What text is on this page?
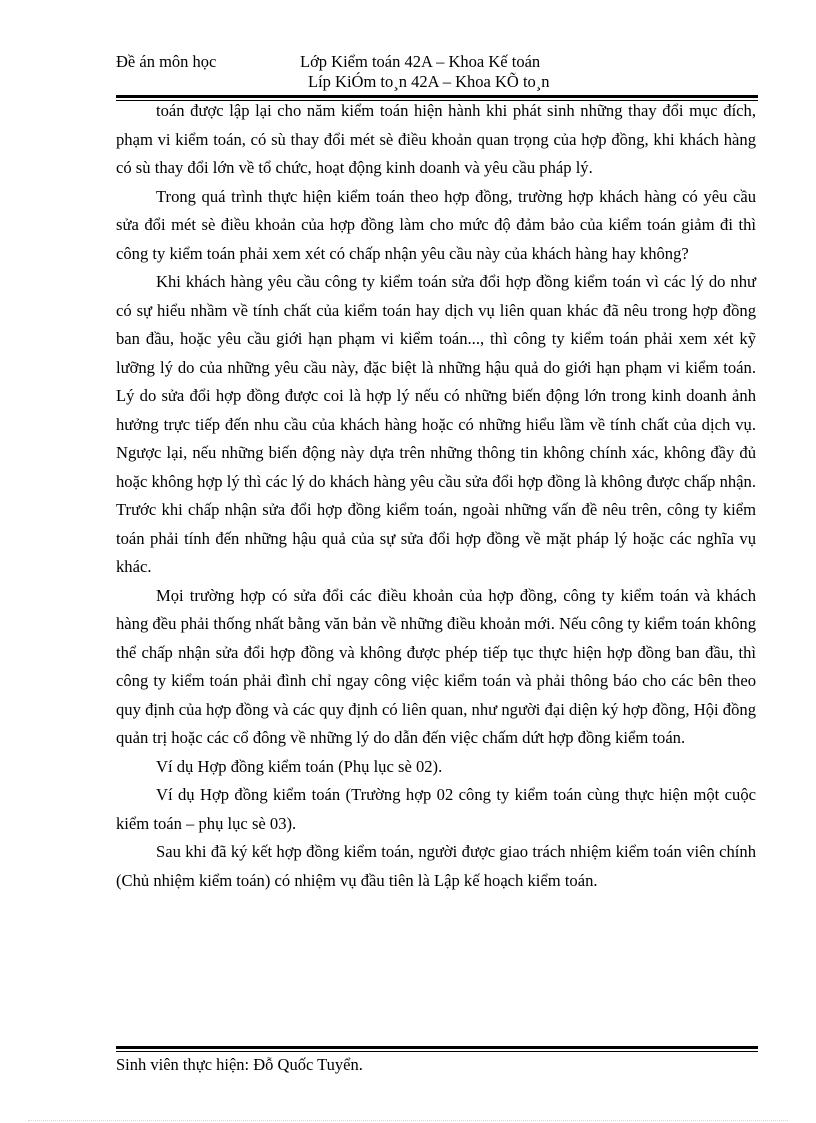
Đề án môn học	Lớp Kiểm toán 42A – Khoa Kế toán
Líp KiÓm to¸n 42A – Khoa KÕ to¸n

toán được lập lại cho năm kiểm toán hiện hành khi phát sinh những thay đổi mục đích, phạm vi kiểm toán, có sù thay đổi mét sè điều khoản quan trọng của hợp đồng, khi khách hàng có sù thay đổi lớn về tổ chức, hoạt động kinh doanh và yêu cầu pháp lý.

Trong quá trình thực hiện kiểm toán theo hợp đồng, trường hợp khách hàng có yêu cầu sửa đổi mét sè điều khoản của hợp đồng làm cho mức độ đảm bảo của kiểm toán giảm đi thì công ty kiểm toán phải xem xét có chấp nhận yêu cầu này của khách hàng hay không?

Khi khách hàng yêu cầu công ty kiểm toán sửa đổi hợp đồng kiểm toán vì các lý do như có sự hiểu nhầm về tính chất của kiểm toán hay dịch vụ liên quan khác đã nêu trong hợp đồng ban đầu, hoặc yêu cầu giới hạn phạm vi kiểm toán..., thì công ty kiểm toán phải xem xét kỹ lưỡng lý do của những yêu cầu này, đặc biệt là những hậu quả do giới hạn phạm vi kiểm toán. Lý do sửa đổi hợp đồng được coi là hợp lý nếu có những biến động lớn trong kinh doanh ảnh hưởng trực tiếp đến nhu cầu của khách hàng hoặc có những hiểu lầm về tính chất của dịch vụ. Ngược lại, nếu những biến động này dựa trên những thông tin không chính xác, không đầy đủ hoặc không hợp lý thì các lý do khách hàng yêu cầu sửa đổi hợp đồng là không được chấp nhận. Trước khi chấp nhận sửa đổi hợp đồng kiểm toán, ngoài những vấn đề nêu trên, công ty kiểm toán phải tính đến những hậu quả của sự sửa đổi hợp đồng về mặt pháp lý hoặc các nghĩa vụ khác.

Mọi trường hợp có sửa đổi các điều khoản của hợp đồng, công ty kiểm toán và khách hàng đều phải thống nhất bằng văn bản về những điều khoản mới. Nếu công ty kiểm toán không thể chấp nhận sửa đổi hợp đồng và không được phép tiếp tục thực hiện hợp đồng ban đầu, thì công ty kiểm toán phải đình chỉ ngay công việc kiểm toán và phải thông báo cho các bên theo quy định của hợp đồng và các quy định có liên quan, như người đại diện ký hợp đồng, Hội đồng quản trị hoặc các cổ đông về những lý do dẫn đến việc chấm dứt hợp đồng kiểm toán.

Ví dụ Hợp đồng kiểm toán (Phụ lục sè 02).

Ví dụ Hợp đồng kiểm toán (Trường hợp 02 công ty kiểm toán cùng thực hiện một cuộc kiểm toán – phụ lục sè 03).

Sau khi đã ký kết hợp đồng kiểm toán, người được giao trách nhiệm kiểm toán viên chính (Chủ nhiệm kiểm toán) có nhiệm vụ đầu tiên là Lập kế hoạch kiểm toán.

Sinh viên thực hiện: Đỗ Quốc Tuyển.
